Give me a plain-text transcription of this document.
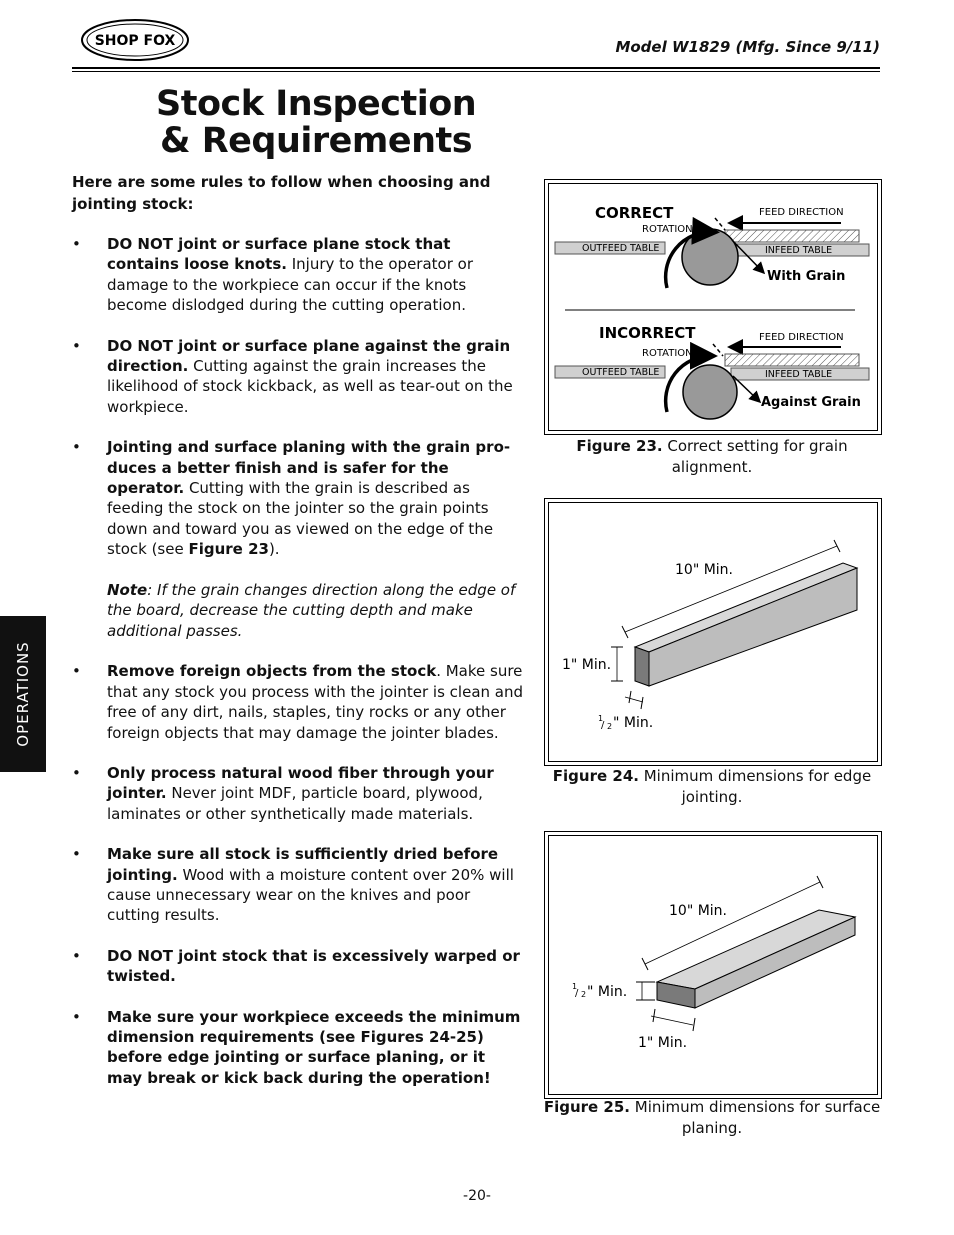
SHOP FOX	Model W1829 (Mfg. Since 9/11)
Stock Inspection
& Requirements
Here are some rules to follow when choosing and jointing stock:
• DO NOT joint or surface plane stock that contains loose knots. Injury to the operator or damage to the workpiece can occur if the knots become dislodged during the cutting operation.
• DO NOT joint or surface plane against the grain direction. Cutting against the grain increases the likelihood of stock kickback, as well as tear-out on the workpiece.
• Jointing and surface planing with the grain pro-duces a better finish and is safer for the operator. Cutting with the grain is described as feeding the stock on the jointer so the grain points down and toward you as viewed on the edge of the stock (see Figure 23).
Note: If the grain changes direction along the edge of the board, decrease the cutting depth and make additional passes.
• Remove foreign objects from the stock. Make sure that any stock you process with the jointer is clean and free of any dirt, nails, staples, tiny rocks or any other foreign objects that may damage the jointer blades.
• Only process natural wood fiber through your jointer. Never joint MDF, particle board, plywood, laminates or other synthetically made materials.
• Make sure all stock is sufficiently dried before jointing. Wood with a moisture content over 20% will cause unnecessary wear on the knives and poor cutting results.
• DO NOT joint stock that is excessively warped or twisted.
• Make sure your workpiece exceeds the minimum dimension requirements (see Figures 24-25) before edge jointing or surface planing, or it may break or kick back during the operation!
OPERATIONS
CORRECT	FEED DIRECTION
ROTATION
OUTFEED TABLE	INFEED TABLE
With Grain
INCORRECT	FEED DIRECTION
ROTATION
OUTFEED TABLE	INFEED TABLE
Against Grain
Figure 23. Correct setting for grain alignment.
10" Min.
1" Min.
1
/ 2 " Min.
Figure 24. Minimum dimensions for edge jointing.
10" Min.
1
/ 2 " Min.
1" Min.
Figure 25. Minimum dimensions for surface planing.
-20-
